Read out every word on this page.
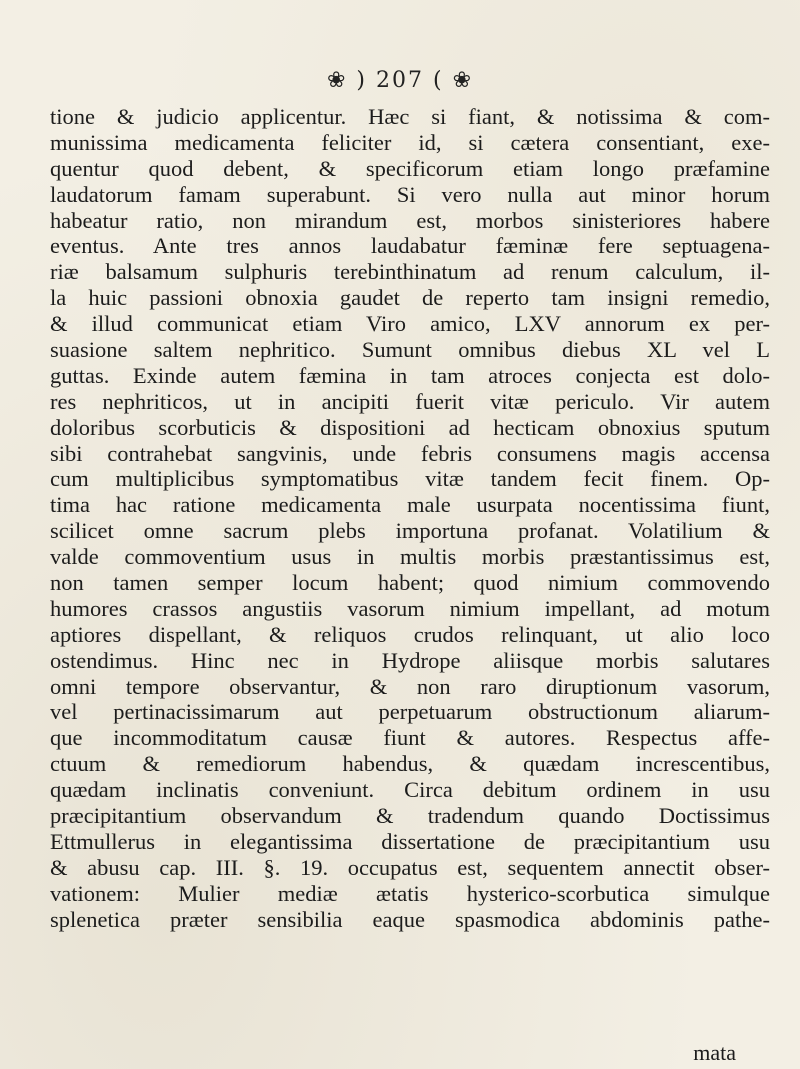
❀ ) 207 ( ❀
tione & judicio applicentur. Hæc si fiant, & notissima & com-
munissima medicamenta feliciter id, si cætera consentiant, exe-
quentur quod debent, & specificorum etiam longo præfamine
laudatorum famam superabunt. Si vero nulla aut minor horum
habeatur ratio, non mirandum est, morbos sinisteriores habere
eventus. Ante tres annos laudabatur fæminæ fere septuagena-
riæ balsamum sulphuris terebinthinatum ad renum calculum, il-
la huic passioni obnoxia gaudet de reperto tam insigni remedio,
& illud communicat etiam Viro amico, LXV annorum ex per-
suasione saltem nephritico. Sumunt omnibus diebus XL vel L
guttas. Exinde autem fæmina in tam atroces conjecta est dolo-
res nephriticos, ut in ancipiti fuerit vitæ periculo. Vir autem
doloribus scorbuticis & dispositioni ad hecticam obnoxius sputum
sibi contrahebat sangvinis, unde febris consumens magis accensa
cum multiplicibus symptomatibus vitæ tandem fecit finem. Op-
tima hac ratione medicamenta male usurpata nocentissima fiunt,
scilicet omne sacrum plebs importuna profanat. Volatilium &
valde commoventium usus in multis morbis præstantissimus est,
non tamen semper locum habent; quod nimium commovendo
humores crassos angustiis vasorum nimium impellant, ad motum
aptiores dispellant, & reliquos crudos relinquant, ut alio loco
ostendimus. Hinc nec in Hydrope aliisque morbis salutares
omni tempore observantur, & non raro diruptionum vasorum,
vel pertinacissimarum aut perpetuarum obstructionum aliarum-
que incommoditatum causæ fiunt & autores. Respectus affe-
ctuum & remediorum habendus, & quædam increscentibus,
quædam inclinatis conveniunt. Circa debitum ordinem in usu
præcipitantium observandum & tradendum quando Doctissimus
Ettmullerus in elegantissima dissertatione de præcipitantium usu
& abusu cap. III. §. 19. occupatus est, sequentem annectit obser-
vationem: Mulier mediæ ætatis hysterico-scorbutica simulque
splenetica præter sensibilia eaque spasmodica abdominis pathe-
mata
